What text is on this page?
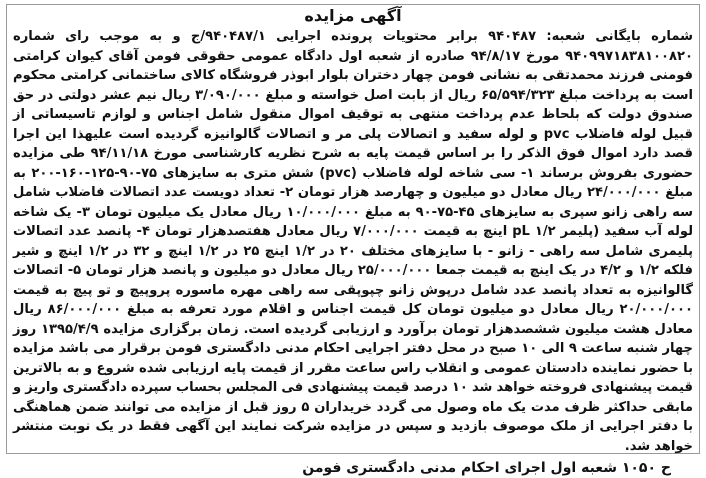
آگهی مزایده

شماره بایگانی شعبه: ۹۴۰۴۸۷ برابر محتویات پرونده اجرایی ۹۴۰۴۸۷/۱/ج و به موجب رای شماره ۹۴۰۹۹۷۱۸۳۸۱۰۰۸۲۰ مورخ ۹۴/۸/۱۷ صادره از شعبه اول دادگاه عمومی حقوقی فومن آقای کیوان کرامتی فومنی فرزند محمدتقی به نشانی فومن چهار دختران بلوار ابوذر فروشگاه کالای ساختمانی کرامتی محکوم است به پرداخت مبلغ ۶۵/۵۹۴/۳۲۳ ریال از بابت اصل خواسته و مبلغ ۳/۰۹۰/۰۰۰ ریال نیم عشر دولتی در حق صندوق دولت که بلحاظ عدم پرداخت منتهی به توقیف اموال منقول شامل اجناس و لوازم تاسیساتی از قبیل لوله فاضلاب pvc و لوله سفید و اتصالات پلی مر و اتصالات گالوانیزه گردیده است علیهذا این اجرا قصد دارد اموال فوق الذکر را بر اساس قیمت پایه به شرح نظریه کارشناسی مورخ ۹۴/۱۱/۱۸ طی مزایده حضوری بفروش برساند ۱- سی شاخه لوله فاضلاب (pvc) شش متری به سایزهای ۷۵-۹۰-۱۲۵-۱۶۰-۲۰۰ به مبلغ ۲۴/۰۰۰/۰۰۰ ریال معادل دو میلیون و چهارصد هزار تومان ۲- تعداد دویست عدد اتصالات فاضلاب شامل سه راهی زانو سپری به سایزهای ۴۵-۷۵-۹۰ به مبلغ ۱۰/۰۰۰/۰۰۰ ریال معادل یک میلیون تومان ۳- یک شاخه لوله آب سفید (پلیمر pL ۱/۲ اینچ به قیمت ۷/۰۰۰/۰۰۰ ریال معادل هفتصدهزار تومان ۴- پانصد عدد اتصالات پلیمری شامل سه راهی - زانو - با سایزهای مختلف ۲۰ در ۱/۲ اینچ ۲۵ در ۱/۲ اینچ و ۳۲ در ۱/۲ اینچ و شیر فلکه ۱/۲ و ۴/۲ در یک اینچ به قیمت جمعا ۲۵/۰۰۰/۰۰۰ ریال معادل دو میلیون و پانصد هزار تومان ۵- اتصالات گالوانیزه به تعداد پانصد عدد شامل درپوش زانو چپوپقی سه راهی مهره ماسوره پروپیچ و تو پیچ به قیمت ۲۰/۰۰۰/۰۰۰ ریال معادل دو میلیون تومان کل قیمت اجناس و اقلام مورد تعرفه به مبلغ ۸۶/۰۰۰/۰۰۰ ریال معادل هشت میلیون ششصدهزار تومان برآورد و ارزیابی گردیده است. زمان برگزاری مزایده ۱۳۹۵/۴/۹ روز چهار شنبه ساعت ۹ الی ۱۰ صبح در محل دفتر اجرایی احکام مدنی دادگستری فومن برقرار می باشد مزایده با حضور نماینده دادستان عمومی و انقلاب راس ساعت مقرر از قیمت پایه ارزیابی شده شروع و به بالاترین قیمت پیشنهادی فروخته خواهد شد ۱۰ درصد قیمت پیشنهادی فی المجلس بحساب سپرده دادگستری واریز و مابقی حداکثر ظرف مدت یک ماه وصول می گردد خریداران ۵ روز قبل از مزایده می توانند ضمن هماهنگی با دفتر اجرایی از ملک موصوف بازدید و سپس در مزایده شرکت نمایند این آگهی فقط در یک نوبت منتشر خواهد شد.

ح ۱۰۵۰ شعبه اول اجرای احکام مدنی دادگستری فومن
